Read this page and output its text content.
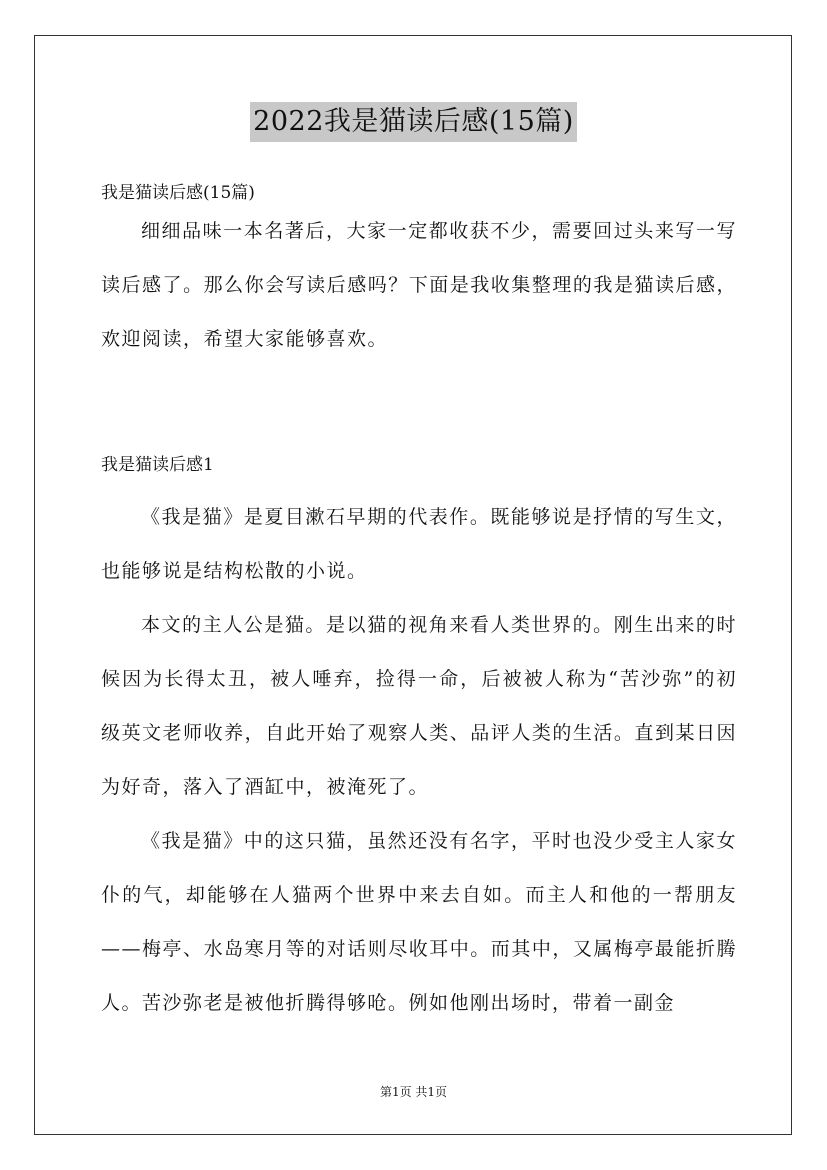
2022我是猫读后感(15篇)
我是猫读后感(15篇)

细细品味一本名著后，大家一定都收获不少，需要回过头来写一写读后感了。那么你会写读后感吗？下面是我收集整理的我是猫读后感，欢迎阅读，希望大家能够喜欢。

我是猫读后感1

《我是猫》是夏目漱石早期的代表作。既能够说是抒情的写生文，也能够说是结构松散的小说。

本文的主人公是猫。是以猫的视角来看人类世界的。刚生出来的时候因为长得太丑，被人唾弃，捡得一命，后被被人称为“苦沙弥”的初级英文老师收养，自此开始了观察人类、品评人类的生活。直到某日因为好奇，落入了酒缸中，被淹死了。

《我是猫》中的这只猫，虽然还没有名字，平时也没少受主人家女仆的气，却能够在人猫两个世界中来去自如。而主人和他的一帮朋友——梅亭、水岛寒月等的对话则尽收耳中。而其中，又属梅亭最能折腾人。苦沙弥老是被他折腾得够呛。例如他刚出场时，带着一副金

第1页 共1页
